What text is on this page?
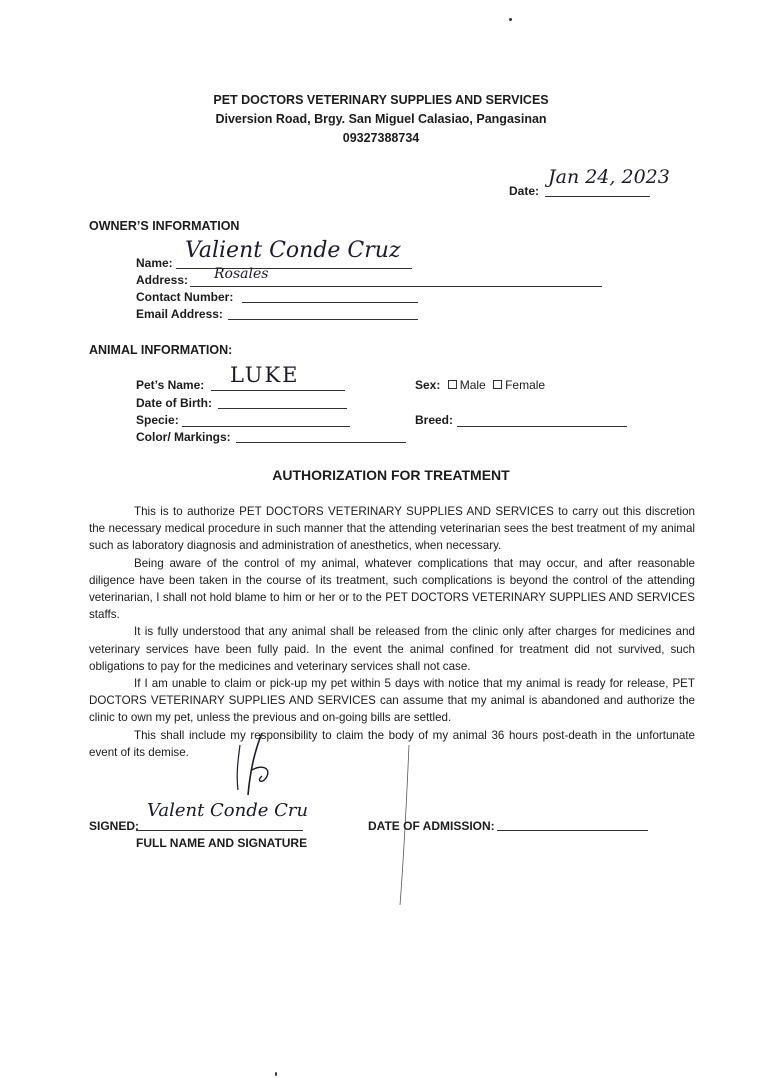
PET DOCTORS VETERINARY SUPPLIES AND SERVICES
Diversion Road, Brgy. San Miguel Calasiao, Pangasinan
09327388734
Date:
Jan 24, 2023
OWNER’S INFORMATION
Name: Valient Conde Cruz
Address: Rosales
Contact Number:
Email Address:
ANIMAL INFORMATION:
Pet’s Name: LUKE	Sex: Male Female
Date of Birth:
Specie:	Breed:
Color/ Markings:
AUTHORIZATION FOR TREATMENT

This is to authorize PET DOCTORS VETERINARY SUPPLIES AND SERVICES to carry out this discretion the necessary medical procedure in such manner that the attending veterinarian sees the best treatment of my animal such as laboratory diagnosis and administration of anesthetics, when necessary.

Being aware of the control of my animal, whatever complications that may occur, and after reasonable diligence have been taken in the course of its treatment, such complications is beyond the control of the attending veterinarian, I shall not hold blame to him or her or to the PET DOCTORS VETERINARY SUPPLIES AND SERVICES staffs.

It is fully understood that any animal shall be released from the clinic only after charges for medicines and veterinary services have been fully paid. In the event the animal confined for treatment did not survived, such obligations to pay for the medicines and veterinary services shall not case.

If I am unable to claim or pick-up my pet within 5 days with notice that my animal is ready for release, PET DOCTORS VETERINARY SUPPLIES AND SERVICES can assume that my animal is abandoned and authorize the clinic to own my pet, unless the previous and on-going bills are settled.

This shall include my responsibility to claim the body of my animal 36 hours post-death in the unfortunate event of its demise.

SIGNED:
Valent Conde Cru
FULL NAME AND SIGNATURE
DATE OF ADMISSION:
